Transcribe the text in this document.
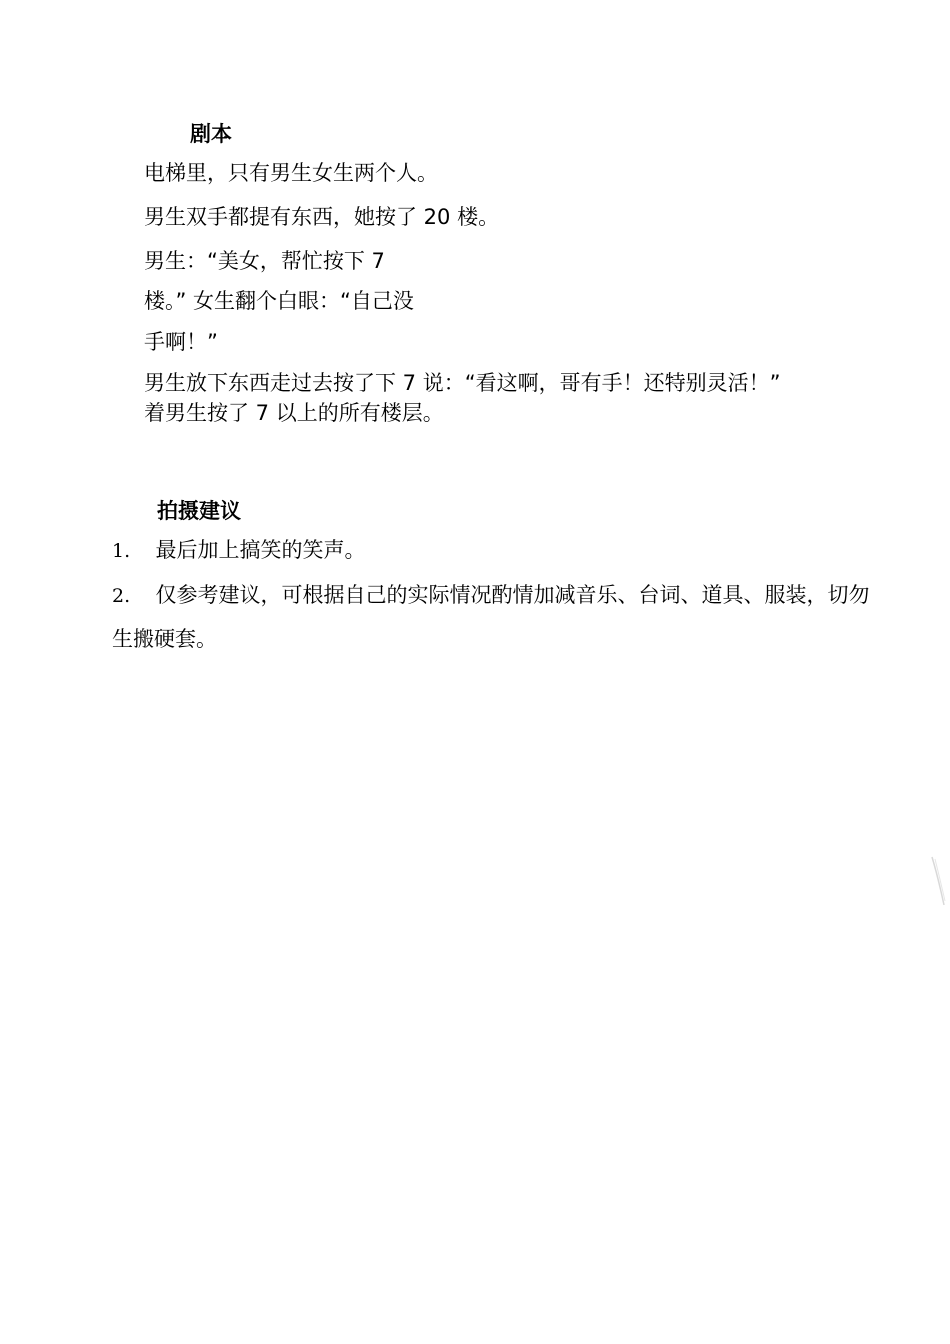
剧本
电梯里，只有男生女生两个人。
男生双手都提有东西，她按了 20 楼。
男生：“美女，帮忙按下 7
楼。” 女生翻个白眼：“自己没
手啊！”
男生放下东西走过去按了下 7 说：“看这啊，哥有手！还特别灵活！”
着男生按了 7 以上的所有楼层。
拍摄建议
1. 最后加上搞笑的笑声。
2. 仅参考建议，可根据自己的实际情况酌情加减音乐、台词、道具、服装，切勿
生搬硬套。
